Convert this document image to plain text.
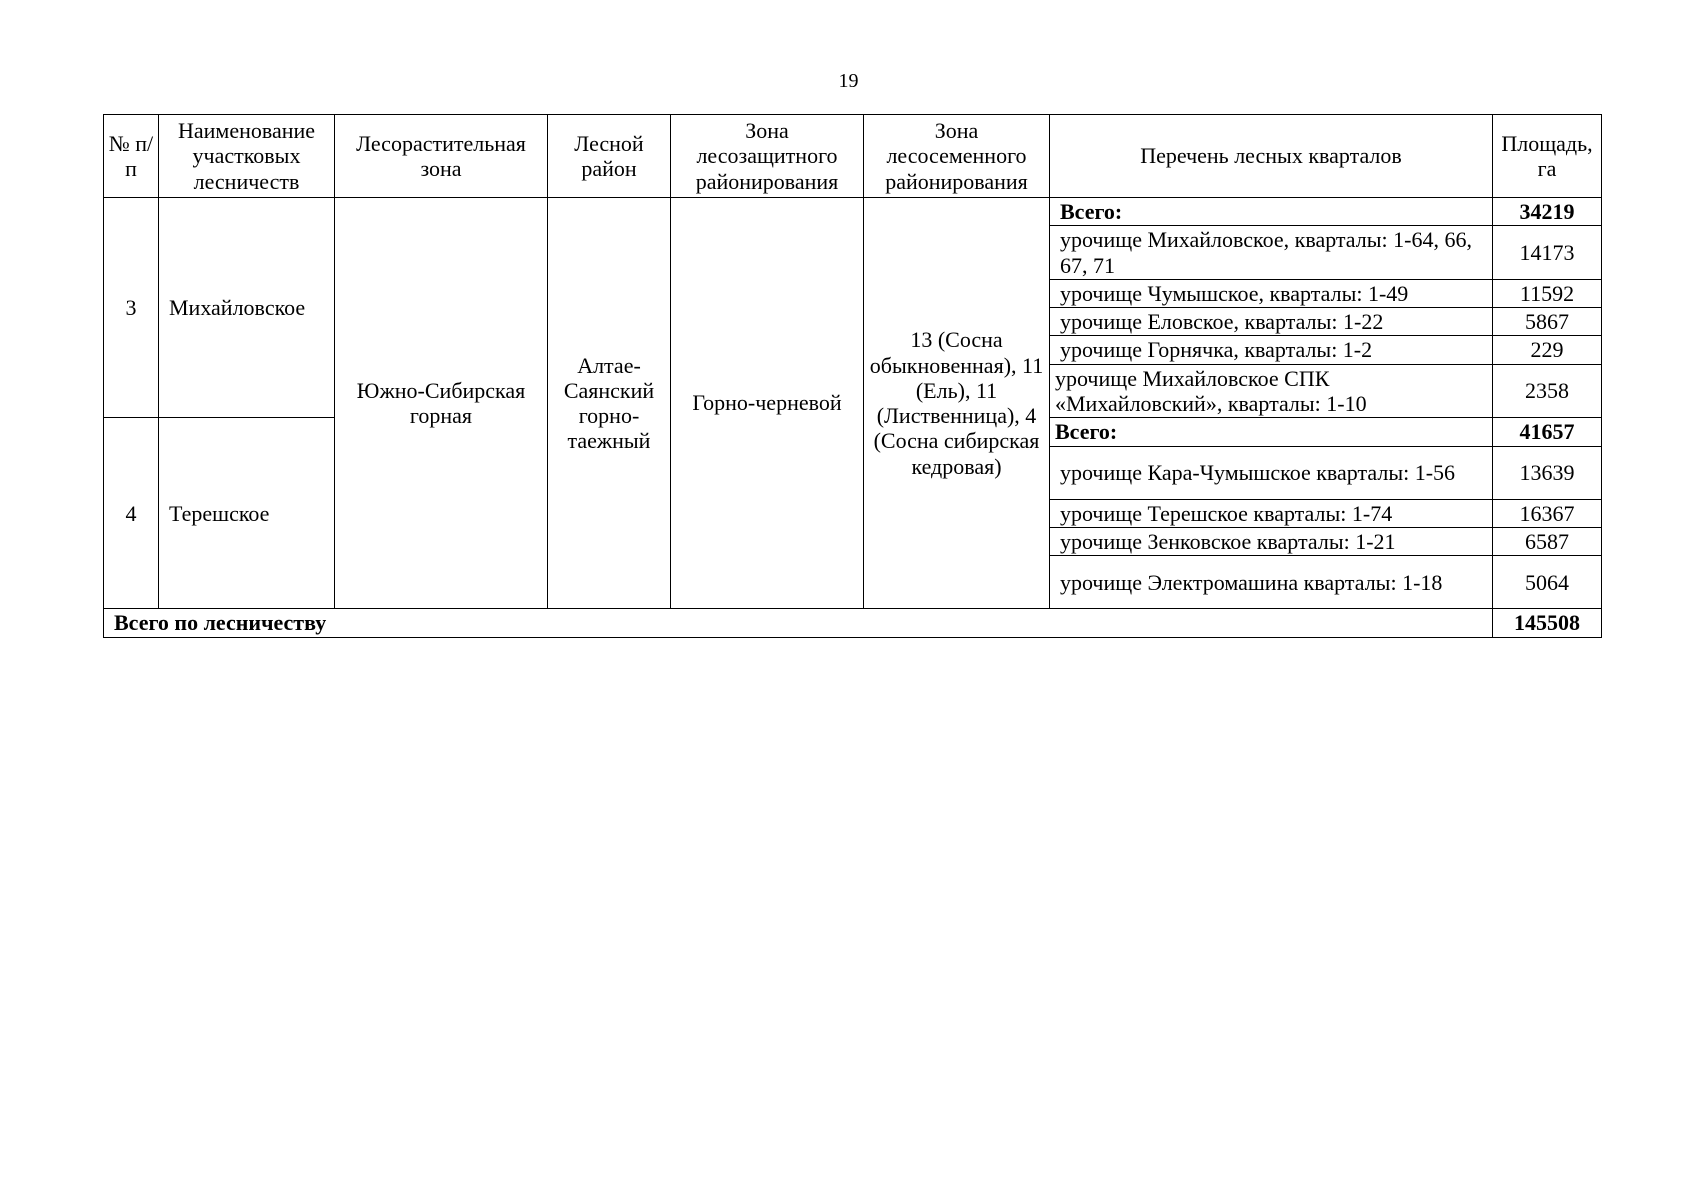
19
№ п/п	Наименование участковых лесничеств	Лесорастительная зона	Лесной район	Зона лесозащитного районирования	Зона лесосеменного районирования	Перечень лесных кварталов	Площадь, га
3	Михайловское	Южно-Сибирская горная	Алтае-Саянский горно-таежный	Горно-черневой	13 (Сосна обыкновенная), 11 (Ель), 11 (Лиственница), 4 (Сосна сибирская кедровая)	Всего:	34219
						урочище Михайловское, кварталы: 1-64, 66, 67, 71	14173
						урочище Чумышское, кварталы: 1-49	11592
						урочище Еловское, кварталы: 1-22	5867
						урочище Горнячка, кварталы: 1-2	229
						урочище Михайловское СПК «Михайловский», кварталы: 1-10	2358
4	Терешское					Всего:	41657
						урочище Кара-Чумышское кварталы: 1-56	13639
						урочище Терешское кварталы: 1-74	16367
						урочище Зенковское кварталы: 1-21	6587
						урочище Электромашина кварталы: 1-18	5064
Всего по лесничеству							145508
